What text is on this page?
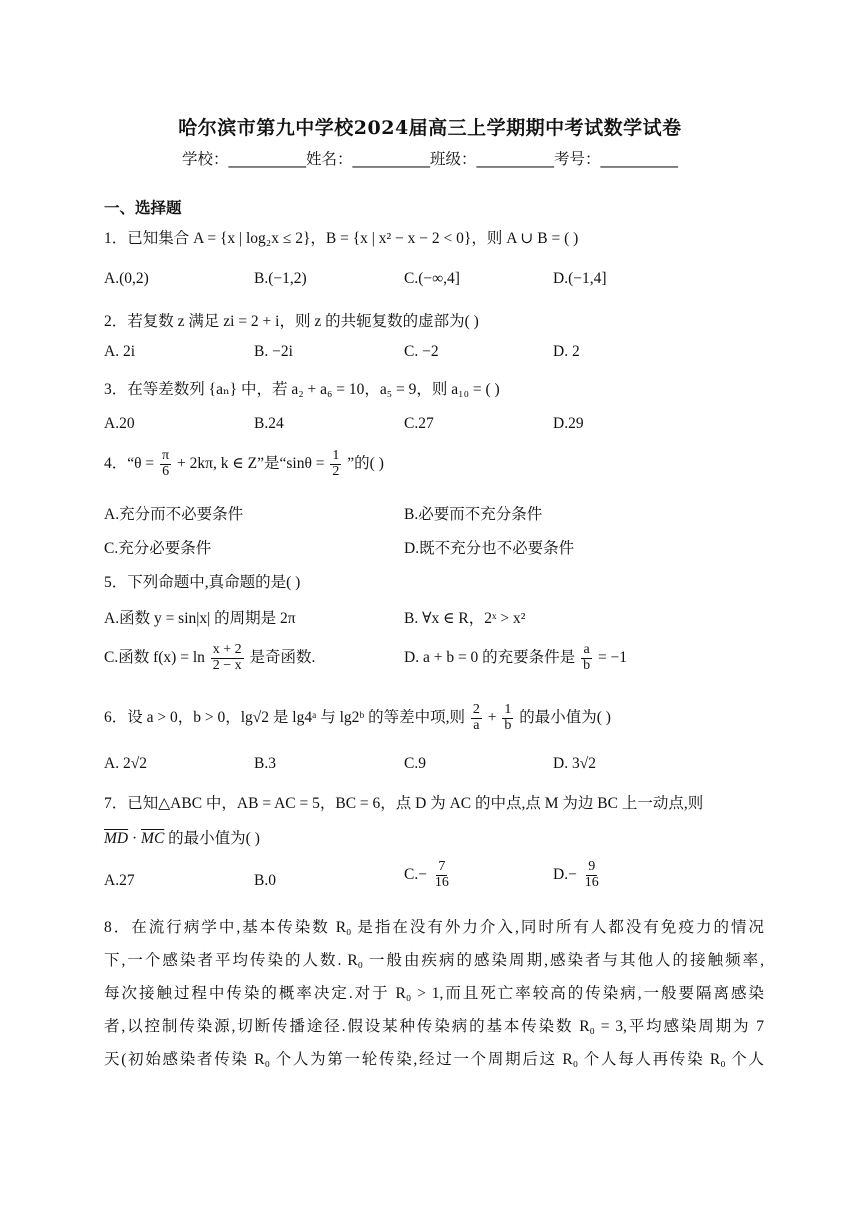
哈尔滨市第九中学校2024届高三上学期期中考试数学试卷
学校：__________姓名：__________班级：__________考号：__________
一、选择题
1．已知集合 A = {x | log₂x ≤ 2}，B = {x | x² − x − 2 < 0}，则 A ∪ B = ( )
A.(0,2)	B.(−1,2)	C.(−∞,4]	D.(−1,4]
2．若复数 z 满足 zi = 2 + i，则 z 的共轭复数的虚部为( )
A. 2i	B. −2i	C. −2	D. 2
3．在等差数列 {aₙ} 中，若 a₂ + a₆ = 10，a₅ = 9，则 a₁₀ = ( )
A.20	B.24	C.27	D.29
4．“$\theta = \frac{\pi}{6} + 2k\pi$, k ∈ Z”是“$\sin\theta = \frac{1}{2}$ ”的( )
A.充分而不必要条件	B.必要而不充分条件
C.充分必要条件	D.既不充分也不必要条件
5．下列命题中,真命题的是( )
A.函数 y = sin|x| 的周期是 2π	B. ∀x ∈ R，2ˣ > x²
C.函数 $f(x) = \ln \frac{x + 2}{2 - x}$ 是奇函数.	D. a + b = 0 的充要条件是 $\frac{a}{b} = -1$
6．设 a > 0，b > 0，lg√2 是 lg4ᵃ 与 lg2ᵇ 的等差中项,则 $\frac{2}{a} + \frac{1}{b}$ 的最小值为( )
A. 2√2	B.3	C.9	D. 3√2
7．已知△ABC 中，AB = AC = 5，BC = 6，点 D 为 AC 的中点,点 M 为边 BC 上一动点,则
$\overline{MD} \cdot \overline{MC}$ 的最小值为( )
A.27	B.0	$C.- \frac{7}{16}$	$D.- \frac{9}{16}$
8．在流行病学中,基本传染数 R₀ 是指在没有外力介入,同时所有人都没有免疫力的情况
下,一个感染者平均传染的人数. R₀ 一般由疾病的感染周期,感染者与其他人的接触频率,
每次接触过程中传染的概率决定.对于 R₀ > 1,而且死亡率较高的传染病,一般要隔离感染
者,以控制传染源,切断传播途径.假设某种传染病的基本传染数 R₀ = 3,平均感染周期为 7
天(初始感染者传染 R₀ 个人为第一轮传染,经过一个周期后这 R₀ 个人每人再传染 R₀ 个人
